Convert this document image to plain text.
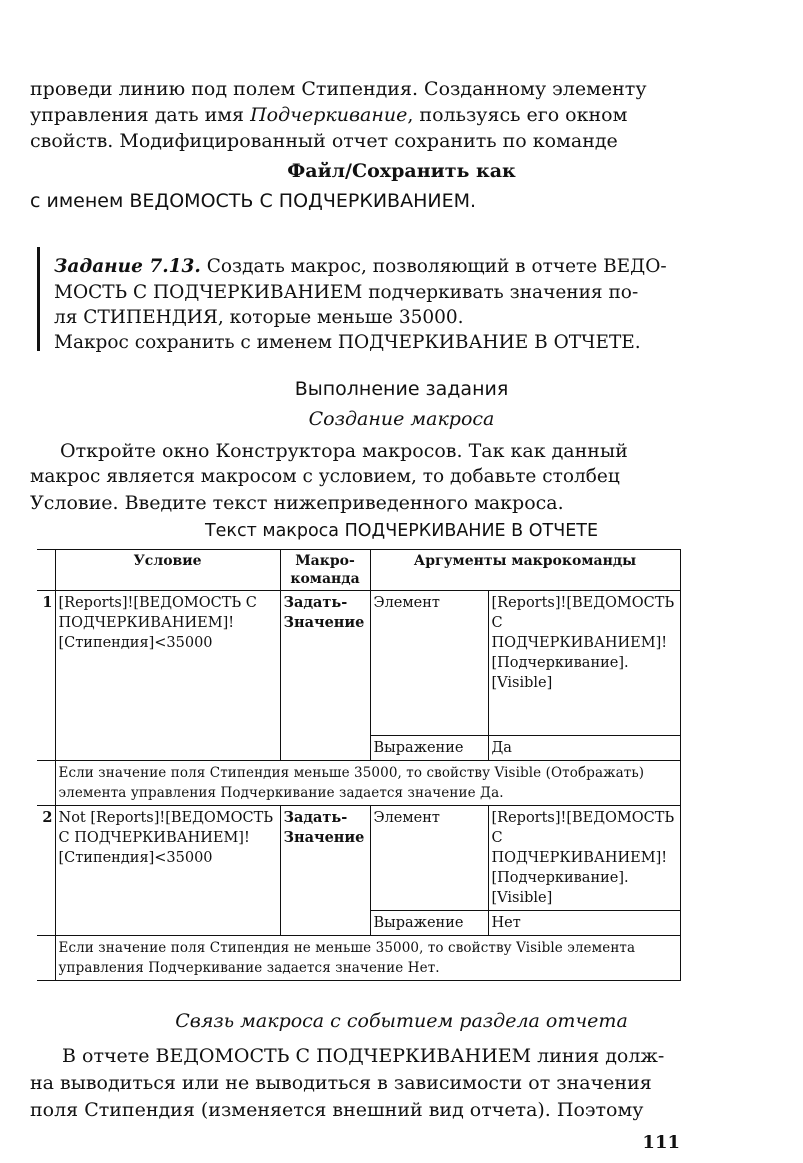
проведи линию под полем Стипендия. Созданному элементу
управления дать имя Подчеркивание, пользуясь его окном
свойств. Модифицированный отчет сохранить по команде
Файл/Сохранить как
с именем ВЕДОМОСТЬ С ПОДЧЕРКИВАНИЕМ.
Задание 7.13. Создать макрос, позволяющий в отчете ВЕДО-
МОСТЬ С ПОДЧЕРКИВАНИЕМ подчеркивать значения по-
ля СТИПЕНДИЯ, которые меньше 35000.
Макрос сохранить с именем ПОДЧЕРКИВАНИЕ В ОТЧЕТЕ.
Выполнение задания
Создание макроса
Откройте окно Конструктора макросов. Так как данный
макрос является макросом с условием, то добавьте столбец
Условие. Введите текст нижеприведенного макроса.
Текст макроса ПОДЧЕРКИВАНИЕ В ОТЧЕТЕ
	Условие	Макро-команда	Аргументы макрокоманды	
1	[Reports]![ВЕДОМОСТЬ С ПОДЧЕРКИВАНИЕМ]![Стипендия]<35000	Задать-Значение	Элемент	[Reports]![ВЕДОМОСТЬ С ПОДЧЕРКИВАНИЕМ]! [Подчеркивание].[Visible]
			Выражение	Да
	Если значение поля Стипендия меньше 35000, то свойству Visible (Отображать) элемента управления Подчеркивание задается значение Да.			
2	Not [Reports]![ВЕДОМОСТЬ С ПОДЧЕРКИВАНИЕМ]![Стипендия]<35000	Задать-Значение	Элемент	[Reports]![ВЕДОМОСТЬ С ПОДЧЕРКИВАНИЕМ]! [Подчеркивание]. [Visible]
			Выражение	Нет
	Если значение поля Стипендия не меньше 35000, то свойству Visible элемента управления Подчеркивание задается значение Нет.			
Связь макроса с событием раздела отчета
В отчете ВЕДОМОСТЬ С ПОДЧЕРКИВАНИЕМ линия долж-
на выводиться или не выводиться в зависимости от значения
поля Стипендия (изменяется внешний вид отчета). Поэтому
111
